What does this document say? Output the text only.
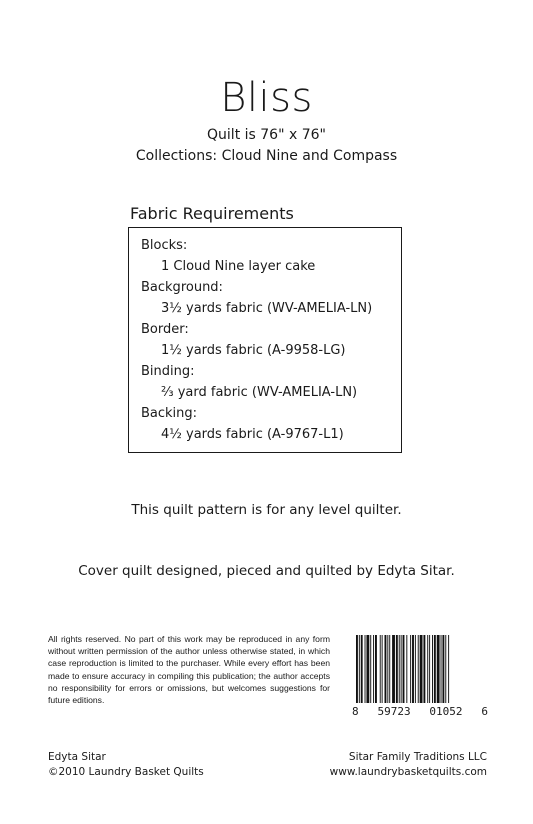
Bliss
Quilt is 76" x 76"
Collections: Cloud Nine and Compass
Fabric Requirements
Blocks:
1 Cloud Nine layer cake
Background:
3½ yards fabric (WV-AMELIA-LN)
Border:
1½ yards fabric (A-9958-LG)
Binding:
⅔ yard fabric (WV-AMELIA-LN)
Backing:
4½ yards fabric (A-9767-L1)
This quilt pattern is for any level quilter.
Cover quilt designed, pieced and quilted by Edyta Sitar.
All rights reserved. No part of this work may be reproduced in any form without written permission of the author unless otherwise stated, in which case reproduction is limited to the purchaser. While every effort has been made to ensure accuracy in compiling this publication; the author accepts no responsibility for errors or omissions, but welcomes suggestions for future editions.
8 59723 01052 6
Edyta Sitar
©2010 Laundry Basket Quilts
Sitar Family Traditions LLC
www.laundrybasketquilts.com
